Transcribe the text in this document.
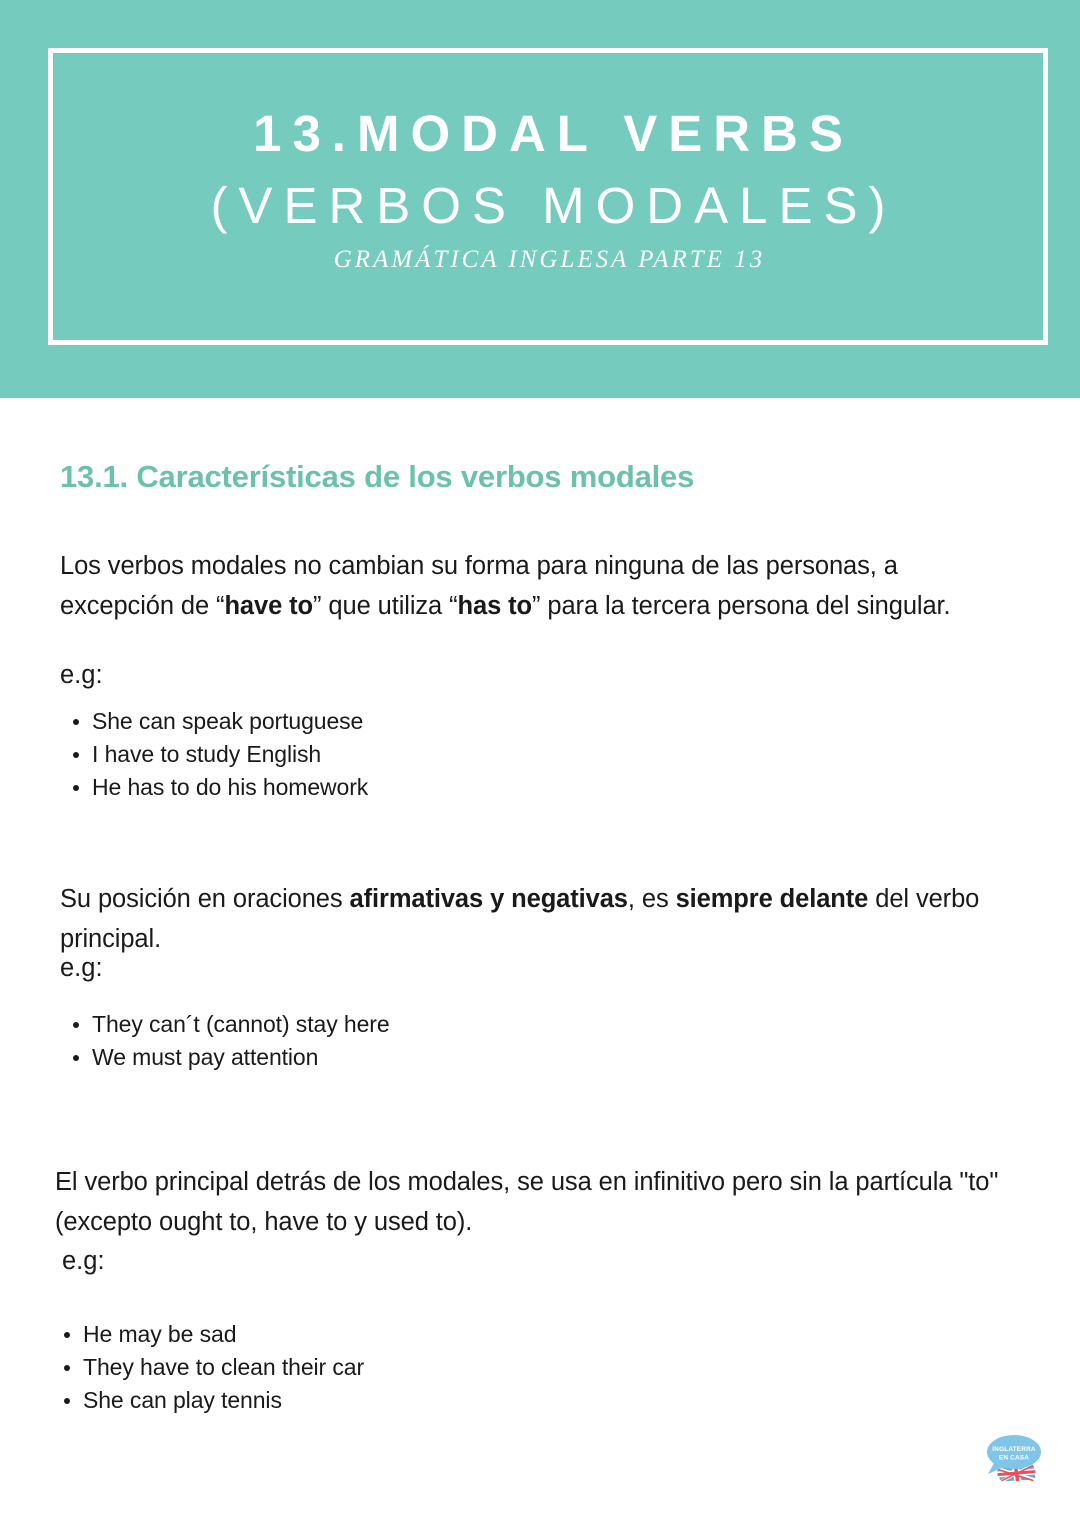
13.MODAL VERBS
(VERBOS MODALES)
GRAMÁTICA INGLESA PARTE 13
13.1. Características de los verbos modales

Los verbos modales no cambian su forma para ninguna de las personas, a excepción de “have to” que utiliza “has to” para la tercera persona del singular.

e.g:
She can speak portuguese
I have to study English
He has to do his homework

Su posición en oraciones afirmativas y negativas, es siempre delante del verbo principal.

e.g:
They can´t (cannot) stay here
We must pay attention

El verbo principal detrás de los modales, se usa en infinitivo pero sin la partícula "to" (excepto ought to, have to y used to).

e.g:
He may be sad
They have to clean their car
She can play tennis
INGLATERRA
EN CASA
